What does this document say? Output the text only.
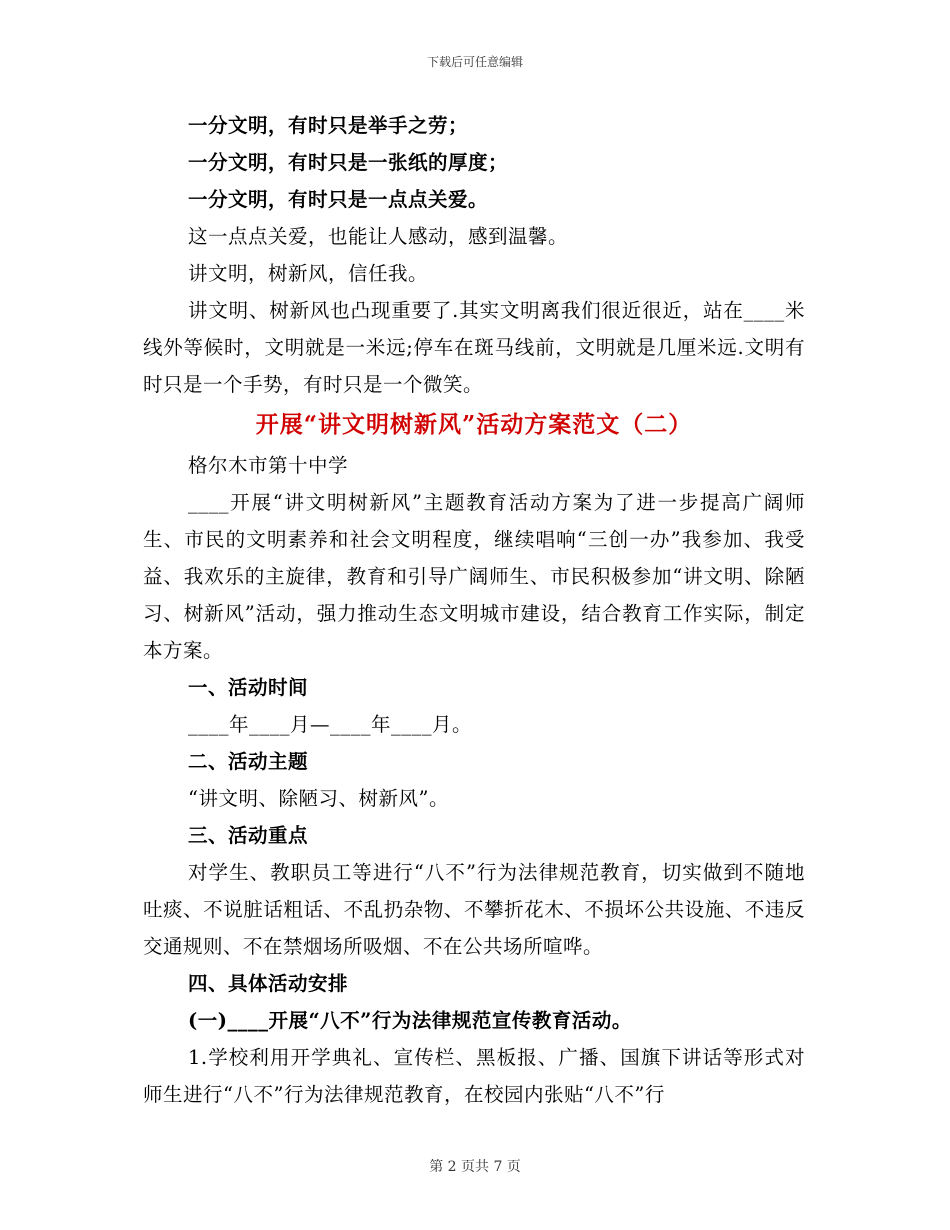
下载后可任意编辑
一分文明，有时只是举手之劳；
一分文明，有时只是一张纸的厚度；
一分文明，有时只是一点点关爱。
这一点点关爱，也能让人感动，感到温馨。
讲文明，树新风，信任我。
讲文明、树新风也凸现重要了.其实文明离我们很近很近，站在____米线外等候时，文明就是一米远;停车在斑马线前，文明就是几厘米远.文明有时只是一个手势，有时只是一个微笑。
开展“讲文明树新风”活动方案范文（二）
格尔木市第十中学
____开展“讲文明树新风”主题教育活动方案为了进一步提高广阔师生、市民的文明素养和社会文明程度，继续唱响“三创一办”我参加、我受益、我欢乐的主旋律，教育和引导广阔师生、市民积极参加“讲文明、除陋习、树新风”活动，强力推动生态文明城市建设，结合教育工作实际，制定本方案。
一、活动时间
____年____月—____年____月。
二、活动主题
“讲文明、除陋习、树新风”。
三、活动重点
对学生、教职员工等进行“八不”行为法律规范教育，切实做到不随地吐痰、不说脏话粗话、不乱扔杂物、不攀折花木、不损坏公共设施、不违反交通规则、不在禁烟场所吸烟、不在公共场所喧哗。
四、具体活动安排
(一)____开展“八不”行为法律规范宣传教育活动。
1.学校利用开学典礼、宣传栏、黑板报、广播、国旗下讲话等形式对师生进行“八不”行为法律规范教育，在校园内张贴“八不”行
第 2 页共 7 页
